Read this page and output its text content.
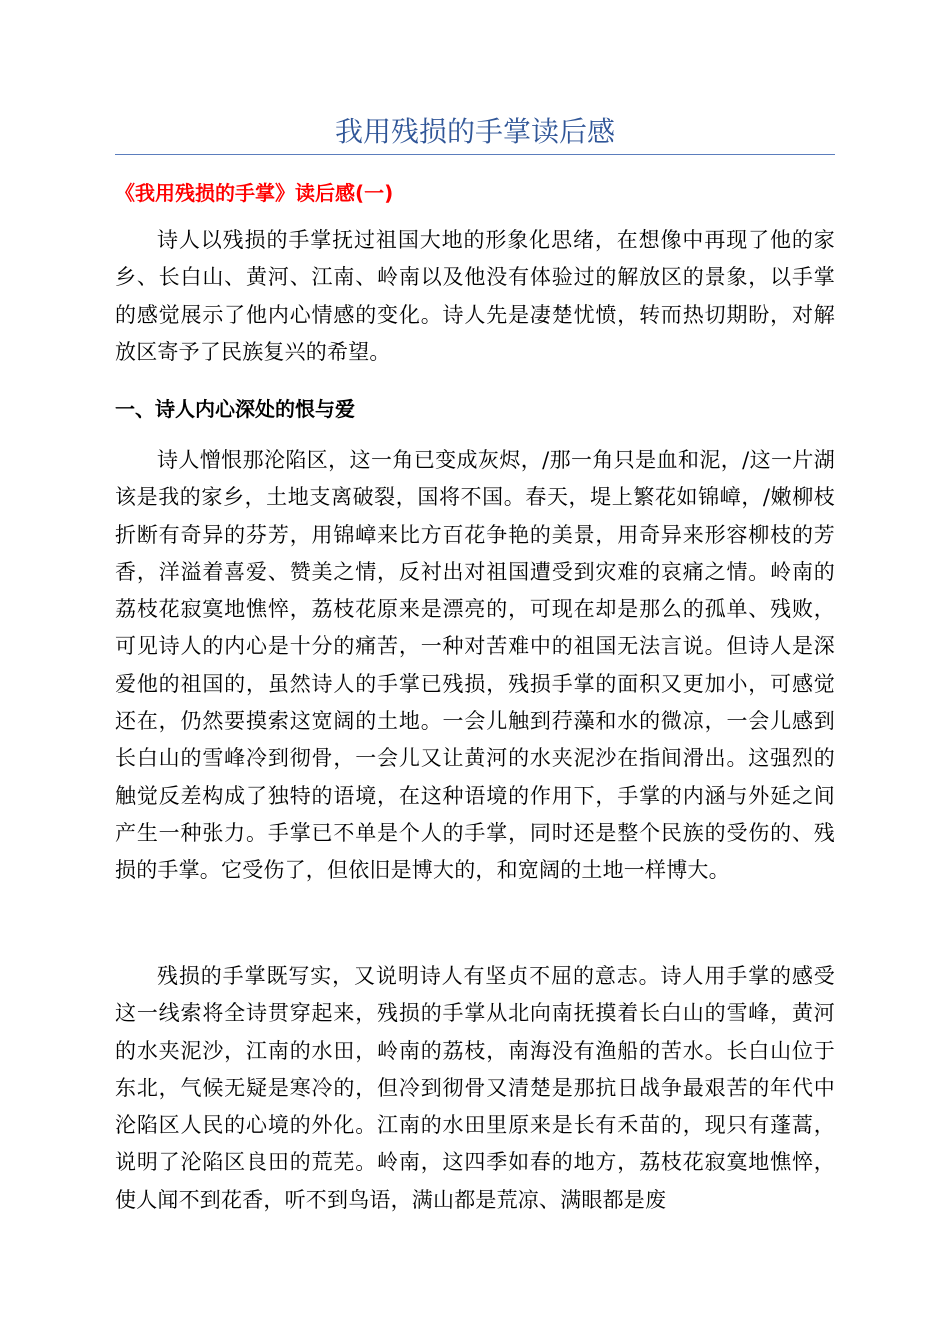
我用残损的手掌读后感
《我用残损的手掌》读后感(一)
诗人以残损的手掌抚过祖国大地的形象化思绪，在想像中再现了他的家乡、长白山、黄河、江南、岭南以及他没有体验过的解放区的景象，以手掌的感觉展示了他内心情感的变化。诗人先是凄楚忧愤，转而热切期盼，对解放区寄予了民族复兴的希望。
一、诗人内心深处的恨与爱
诗人憎恨那沦陷区，这一角已变成灰烬，/那一角只是血和泥，/这一片湖该是我的家乡，土地支离破裂，国将不国。春天，堤上繁花如锦嶂，/嫩柳枝折断有奇异的芬芳，用锦嶂来比方百花争艳的美景，用奇异来形容柳枝的芳香，洋溢着喜爱、赞美之情，反衬出对祖国遭受到灾难的哀痛之情。岭南的荔枝花寂寞地憔悴，荔枝花原来是漂亮的，可现在却是那么的孤单、残败，可见诗人的内心是十分的痛苦，一种对苦难中的祖国无法言说。但诗人是深爱他的祖国的，虽然诗人的手掌已残损，残损手掌的面积又更加小，可感觉还在，仍然要摸索这宽阔的土地。一会儿触到荇藻和水的微凉，一会儿感到长白山的雪峰冷到彻骨，一会儿又让黄河的水夹泥沙在指间滑出。这强烈的触觉反差构成了独特的语境，在这种语境的作用下，手掌的内涵与外延之间产生一种张力。手掌已不单是个人的手掌，同时还是整个民族的受伤的、残损的手掌。它受伤了，但依旧是博大的，和宽阔的土地一样博大。
残损的手掌既写实，又说明诗人有坚贞不屈的意志。诗人用手掌的感受这一线索将全诗贯穿起来，残损的手掌从北向南抚摸着长白山的雪峰，黄河的水夹泥沙，江南的水田，岭南的荔枝，南海没有渔船的苦水。长白山位于东北，气候无疑是寒冷的，但冷到彻骨又清楚是那抗日战争最艰苦的年代中沦陷区人民的心境的外化。江南的水田里原来是长有禾苗的，现只有蓬蒿，说明了沦陷区良田的荒芜。岭南，这四季如春的地方，荔枝花寂寞地憔悴，使人闻不到花香，听不到鸟语，满山都是荒凉、满眼都是废
